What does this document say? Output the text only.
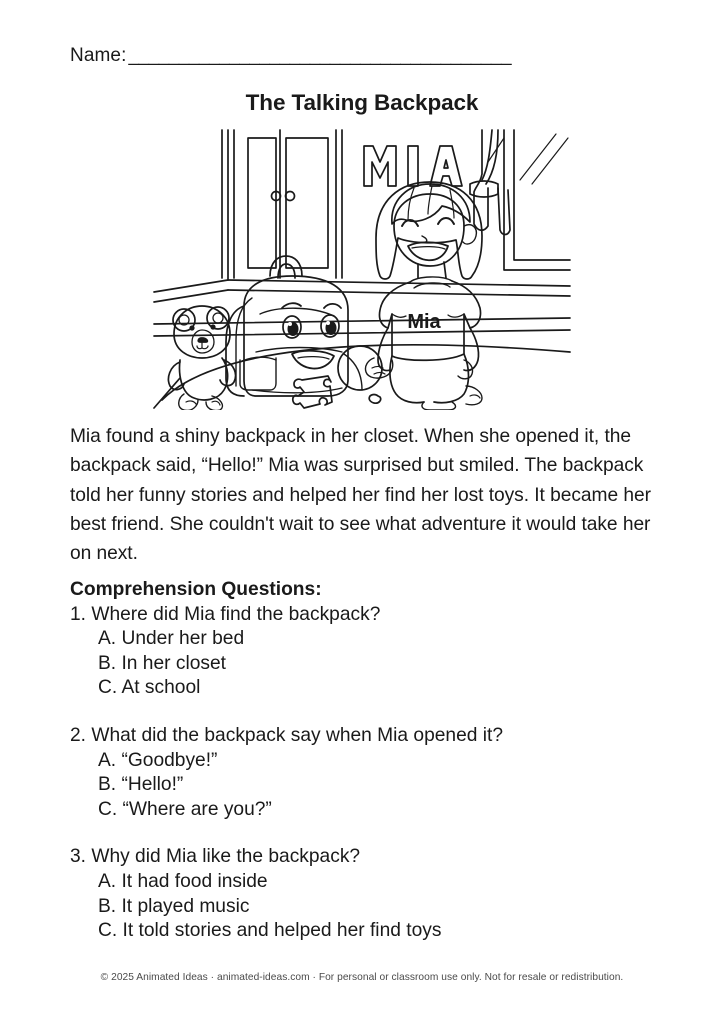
Name: ______________________________________
The Talking Backpack
Mia
Mia found a shiny backpack in her closet. When she opened it, the backpack said, “Hello!” Mia was surprised but smiled. The backpack told her funny stories and helped her find her lost toys. It became her best friend. She couldn't wait to see what adventure it would take her on next.
Comprehension Questions:
1. Where did Mia find the backpack?
A. Under her bed
B. In her closet
C. At school
2. What did the backpack say when Mia opened it?
A. “Goodbye!”
B. “Hello!”
C. “Where are you?”
3. Why did Mia like the backpack?
A. It had food inside
B. It played music
C. It told stories and helped her find toys
© 2025 Animated Ideas · animated-ideas.com · For personal or classroom use only. Not for resale or redistribution.
